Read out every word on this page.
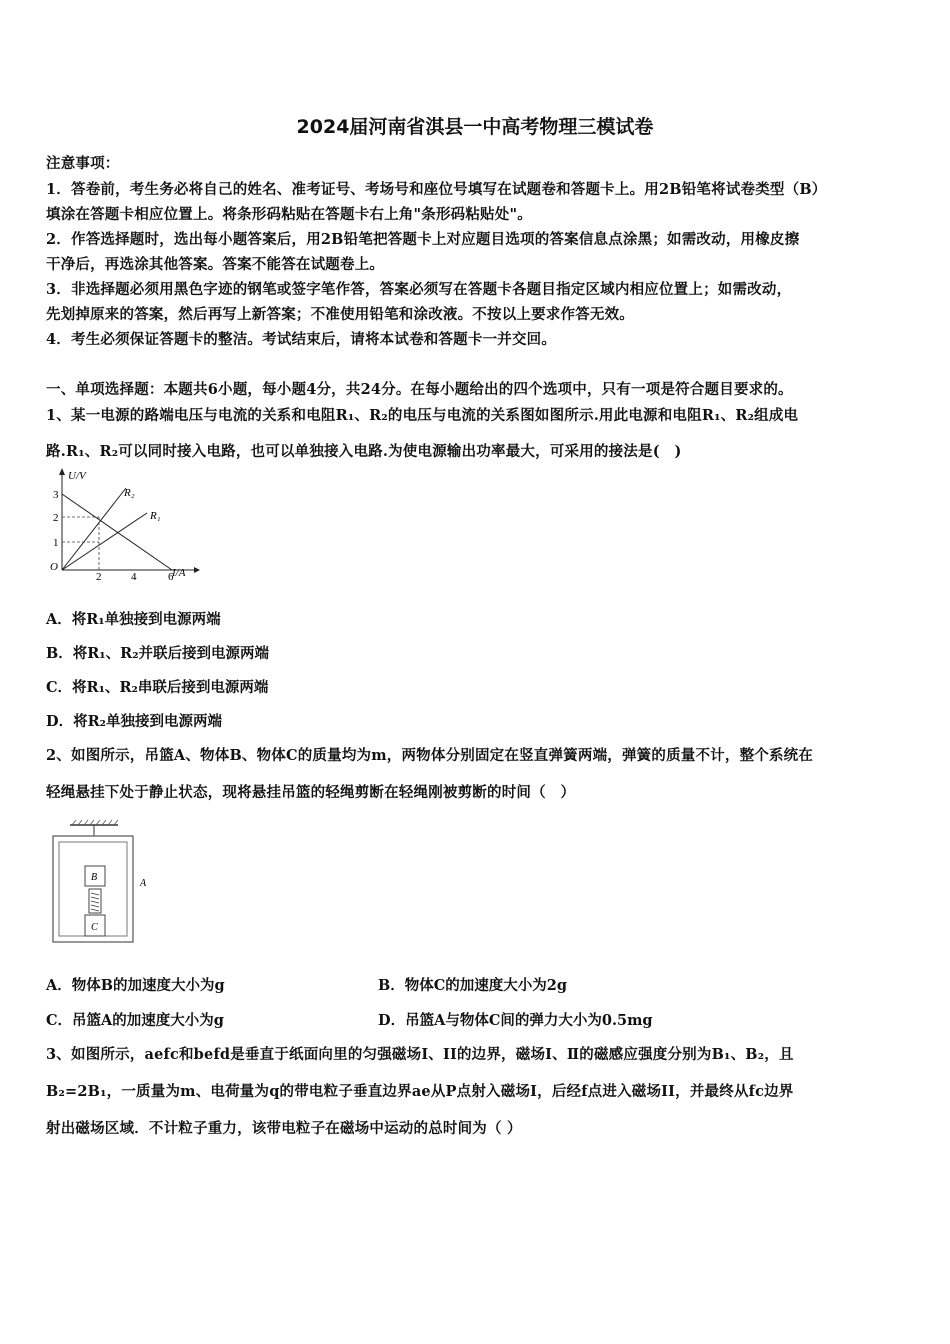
2024届河南省淇县一中高考物理三模试卷
注意事项：
1．答卷前，考生务必将自己的姓名、准考证号、考场号和座位号填写在试题卷和答题卡上。用2B铅笔将试卷类型（B）
填涂在答题卡相应位置上。将条形码粘贴在答题卡右上角"条形码粘贴处"。
2．作答选择题时，选出每小题答案后，用2B铅笔把答题卡上对应题目选项的答案信息点涂黑；如需改动，用橡皮擦
干净后，再选涂其他答案。答案不能答在试题卷上。
3．非选择题必须用黑色字迹的钢笔或签字笔作答，答案必须写在答题卡各题目指定区域内相应位置上；如需改动，
先划掉原来的答案，然后再写上新答案；不准使用铅笔和涂改液。不按以上要求作答无效。
4．考生必须保证答题卡的整洁。考试结束后，请将本试卷和答题卡一并交回。
一、单项选择题：本题共6小题，每小题4分，共24分。在每小题给出的四个选项中，只有一项是符合题目要求的。
1、某一电源的路端电压与电流的关系和电阻R₁、R₂的电压与电流的关系图如图所示.用此电源和电阻R₁、R₂组成电
路.R₁、R₂可以同时接入电路，也可以单独接入电路.为使电源输出功率最大，可采用的接法是(　)
U/V
I/A
O
1
2
3
2	4	6
R₂
R₁
A．将R₁单独接到电源两端
B．将R₁、R₂并联后接到电源两端
C．将R₁、R₂串联后接到电源两端
D．将R₂单独接到电源两端
2、如图所示，吊篮A、物体B、物体C的质量均为m，两物体分别固定在竖直弹簧两端，弹簧的质量不计，整个系统在
轻绳悬挂下处于静止状态，现将悬挂吊篮的轻绳剪断在轻绳刚被剪断的时间（　）
B
C
A
A．物体B的加速度大小为g	B．物体C的加速度大小为2g
C．吊篮A的加速度大小为g	D．吊篮A与物体C间的弹力大小为0.5mg
3、如图所示，aefc和befd是垂直于纸面向里的匀强磁场I、II的边界，磁场I、Ⅱ的磁感应强度分别为B₁、B₂，且
B₂=2B₁，一质量为m、电荷量为q的带电粒子垂直边界ae从P点射入磁场I，后经f点进入磁场II，并最终从fc边界
射出磁场区域．不计粒子重力，该带电粒子在磁场中运动的总时间为（ ）
